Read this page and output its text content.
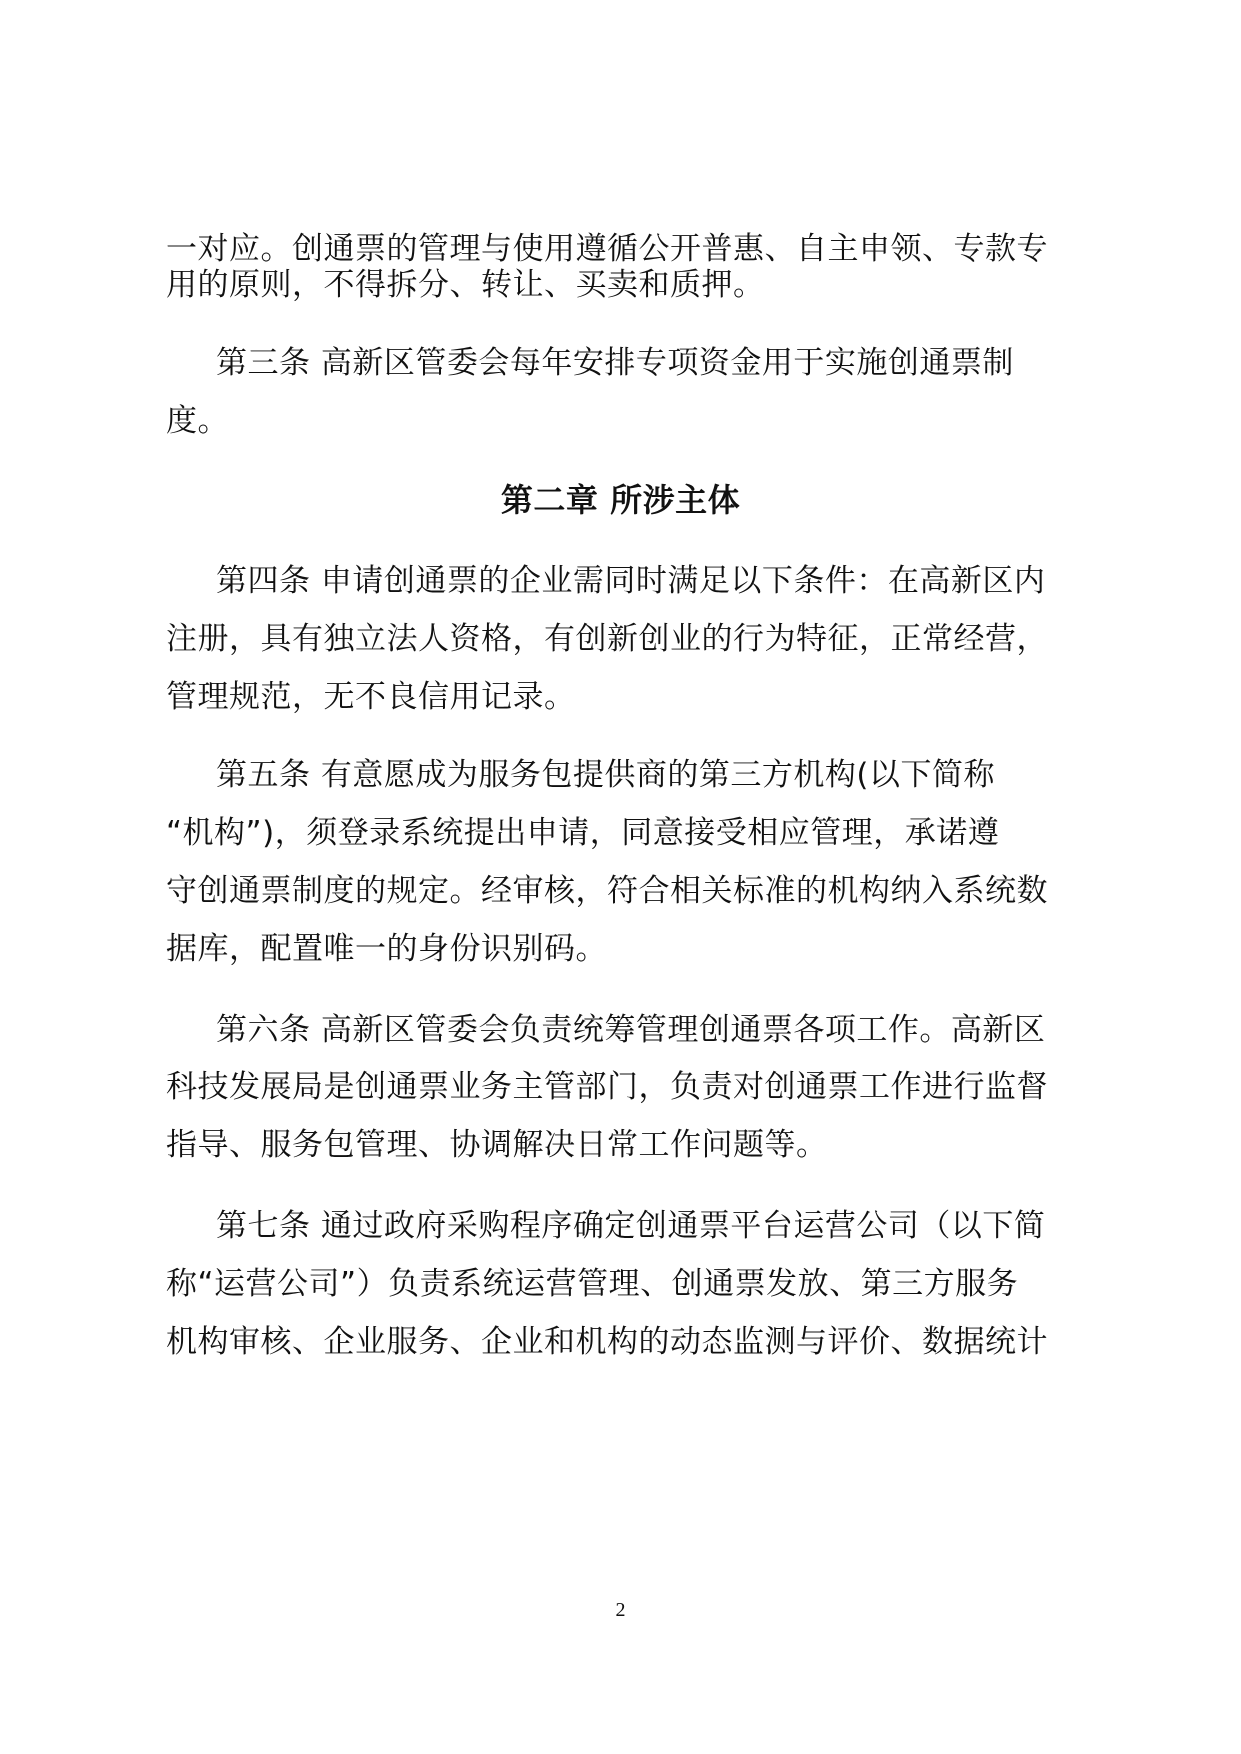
一对应。创通票的管理与使用遵循公开普惠、自主申领、专款专
用的原则，不得拆分、转让、买卖和质押。
第三条 高新区管委会每年安排专项资金用于实施创通票制
度。
第二章 所涉主体
第四条 申请创通票的企业需同时满足以下条件：在高新区内
注册，具有独立法人资格，有创新创业的行为特征，正常经营，
管理规范，无不良信用记录。
第五条 有意愿成为服务包提供商的第三方机构(以下简称
“机构”)，须登录系统提出申请，同意接受相应管理，承诺遵
守创通票制度的规定。经审核，符合相关标准的机构纳入系统数
据库，配置唯一的身份识别码。
第六条 高新区管委会负责统筹管理创通票各项工作。高新区
科技发展局是创通票业务主管部门，负责对创通票工作进行监督
指导、服务包管理、协调解决日常工作问题等。
第七条 通过政府采购程序确定创通票平台运营公司（以下简
称“运营公司”）负责系统运营管理、创通票发放、第三方服务
机构审核、企业服务、企业和机构的动态监测与评价、数据统计
2
